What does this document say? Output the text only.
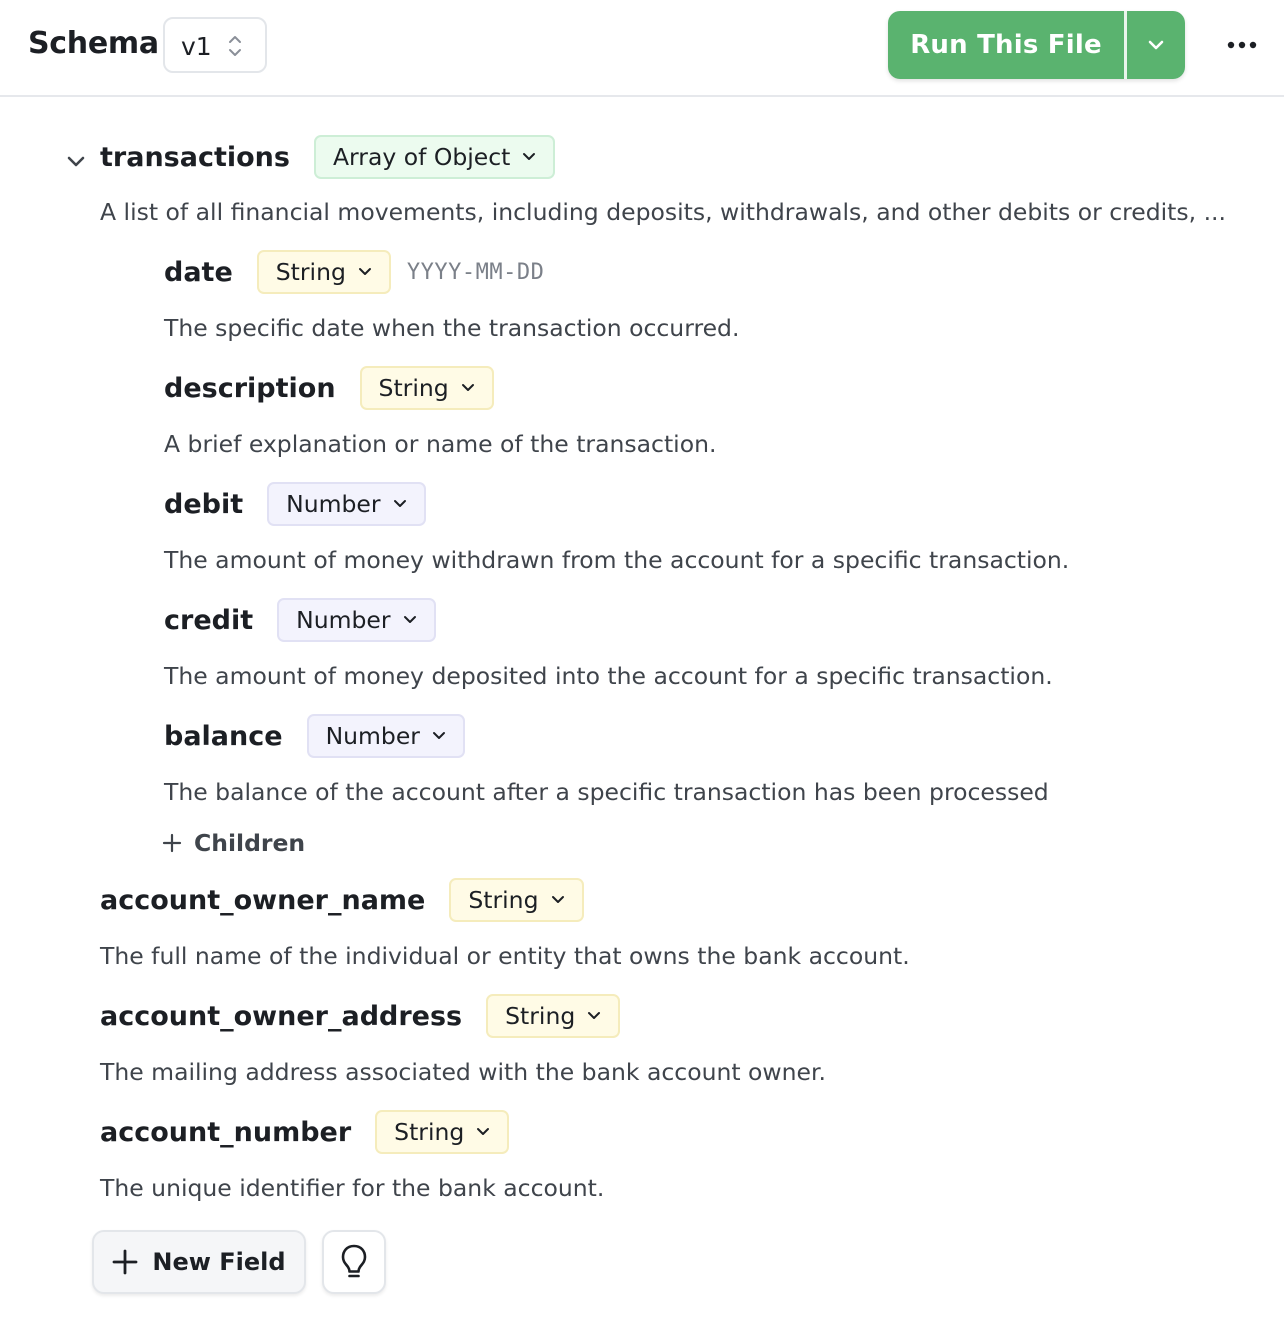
Schema v1	Run This File
transactions Array of Object
A list of all financial movements, including deposits, withdrawals, and other debits or credits, ...
date String	YYYY-MM-DD
The specific date when the transaction occurred.
description String
A brief explanation or name of the transaction.
debit Number
The amount of money withdrawn from the account for a specific transaction.
credit Number
The amount of money deposited into the account for a specific transaction.
balance Number
The balance of the account after a specific transaction has been processed
Children
account_owner_name String
The full name of the individual or entity that owns the bank account.
account_owner_address String
The mailing address associated with the bank account owner.
account_number String
The unique identifier for the bank account.
New Field
